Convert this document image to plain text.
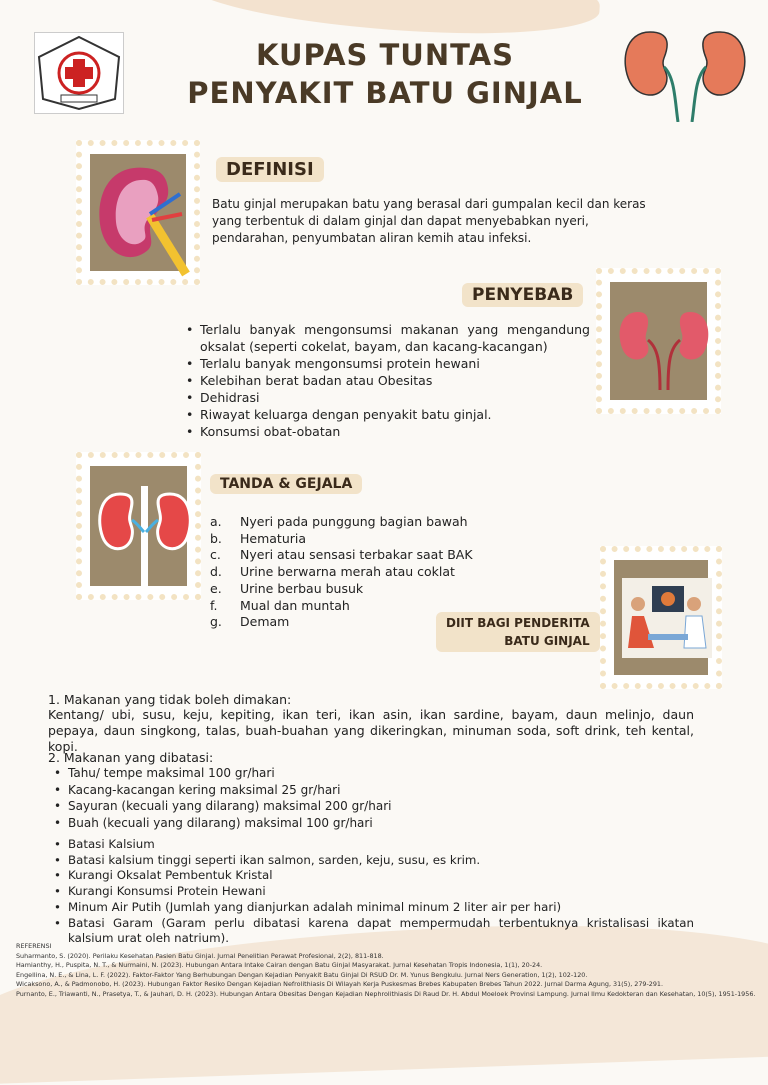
KUPAS TUNTAS
PENYAKIT BATU GINJAL
DEFINISI
Batu ginjal merupakan batu yang berasal dari gumpalan kecil dan keras yang terbentuk di dalam ginjal dan dapat menyebabkan nyeri, pendarahan, penyumbatan aliran kemih atau infeksi.
PENYEBAB
• Terlalu banyak mengonsumsi makanan yang mengandung oksalat (seperti cokelat, bayam, dan kacang-kacangan)
• Terlalu banyak mengonsumsi protein hewani
• Kelebihan berat badan atau Obesitas
• Dehidrasi
• Riwayat keluarga dengan penyakit batu ginjal.
• Konsumsi obat-obatan
TANDA & GEJALA
a.	Nyeri pada punggung bagian bawah
b.	Hematuria
c.	Nyeri atau sensasi terbakar saat BAK
d.	Urine berwarna merah atau coklat
e.	Urine berbau busuk
f.	Mual dan muntah
g.	Demam	DIIT BAGI PENDERITA
BATU GINJAL
1. Makanan yang tidak boleh dimakan:
Kentang/ ubi, susu, keju, kepiting, ikan teri, ikan asin, ikan sardine, bayam, daun melinjo, daun pepaya, daun singkong, talas, buah-buahan yang dikeringkan, minuman soda, soft drink, teh kental, kopi.
2. Makanan yang dibatasi:
• Tahu/ tempe maksimal 100 gr/hari
• Kacang-kacangan kering maksimal 25 gr/hari
• Sayuran (kecuali yang dilarang) maksimal 200 gr/hari
• Buah (kecuali yang dilarang) maksimal 100 gr/hari
• Batasi Kalsium
• Batasi kalsium tinggi seperti ikan salmon, sarden, keju, susu, es krim.
• Kurangi Oksalat Pembentuk Kristal
• Kurangi Konsumsi Protein Hewani
• Minum Air Putih (Jumlah yang dianjurkan adalah minimal minum 2 liter air per hari)
• Batasi Garam (Garam perlu dibatasi karena dapat mempermudah terbentuknya kristalisasi ikatan kalsium urat oleh natrium).
REFERENSI
Suharmanto, S. (2020). Perilaku Kesehatan Pasien Batu Ginjal. Jurnal Penelitian Perawat Profesional, 2(2), 811-818.
Hamianthy, H., Puspita, N. T., & Nurmaini, N. (2023). Hubungan Antara Intake Cairan dengan Batu Ginjal Masyarakat. Jurnal Kesehatan Tropis Indonesia, 1(1), 20-24.
Engellina, N. E., & Lina, L. F. (2022). Faktor-Faktor Yang Berhubungan Dengan Kejadian Penyakit Batu Ginjal Di RSUD Dr. M. Yunus Bengkulu. Jurnal Ners Generation, 1(2), 102-120.
Wicaksono, A., & Padmonobo, H. (2023). Hubungan Faktor Resiko Dengan Kejadian Nefrolithiasis Di Wilayah Kerja Puskesmas Brebes Kabupaten Brebes Tahun 2022. Jurnal Darma Agung, 31(5), 279-291.
Purnanto, E., Triawanti, N., Prasetya, T., & Jauhari, D. H. (2023). Hubungan Antara Obesitas Dengan Kejadian Nephrolithiasis Di Raud Dr. H. Abdul Moeloek Provinsi Lampung. Jurnal Ilmu Kedokteran dan Kesehatan, 10(5), 1951-1956.
